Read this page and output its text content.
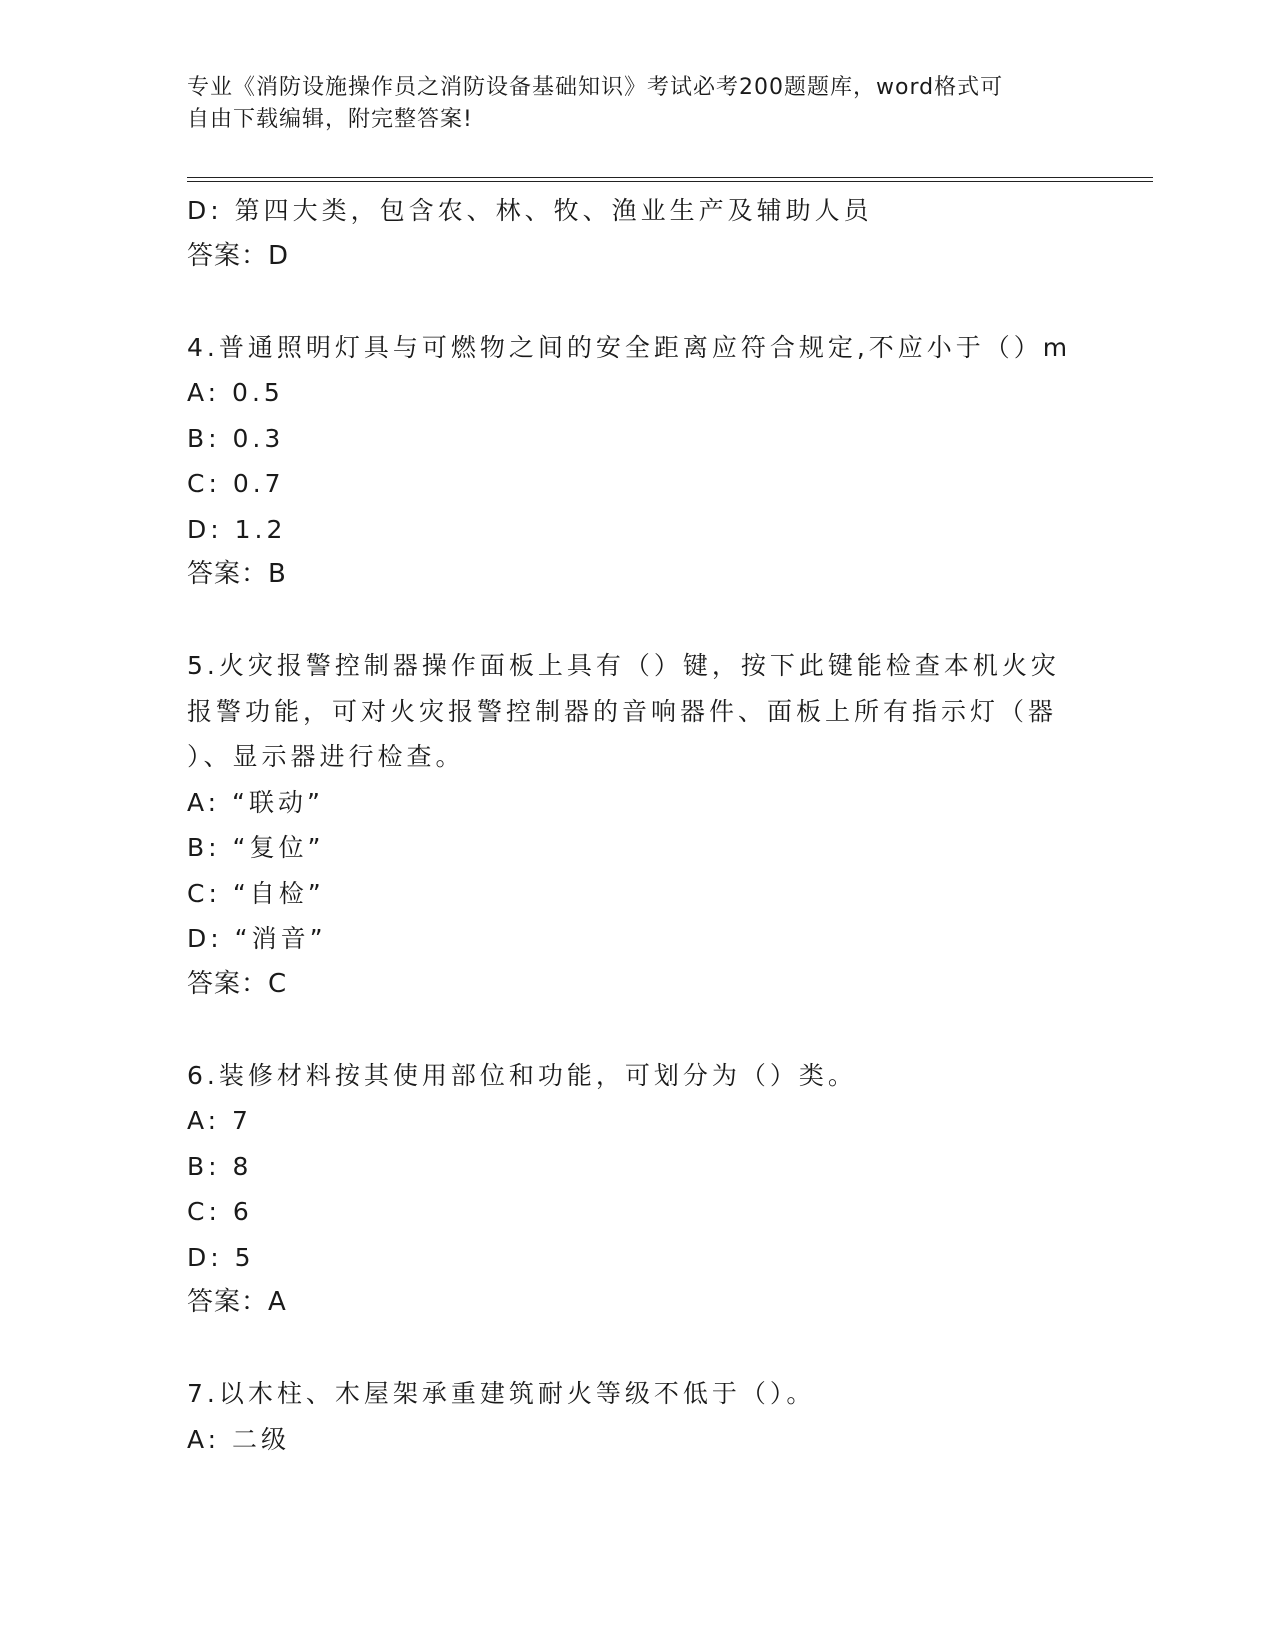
专业《消防设施操作员之消防设备基础知识》考试必考200题题库，word格式可
自由下载编辑，附完整答案!
D: 第四大类，包含农、林、牧、渔业生产及辅助人员
答案：D
4.普通照明灯具与可燃物之间的安全距离应符合规定,不应小于（）m
A: 0.5
B: 0.3
C: 0.7
D: 1.2
答案：B
5.火灾报警控制器操作面板上具有（）键，按下此键能检查本机火灾
报警功能，可对火灾报警控制器的音响器件、面板上所有指示灯（器
）、显示器进行检查。
A: “联动”
B: “复位”
C: “自检”
D: “消音”
答案：C
6.装修材料按其使用部位和功能，可划分为（）类。
A: 7
B: 8
C: 6
D: 5
答案：A
7.以木柱、木屋架承重建筑耐火等级不低于（）。
A: 二级
